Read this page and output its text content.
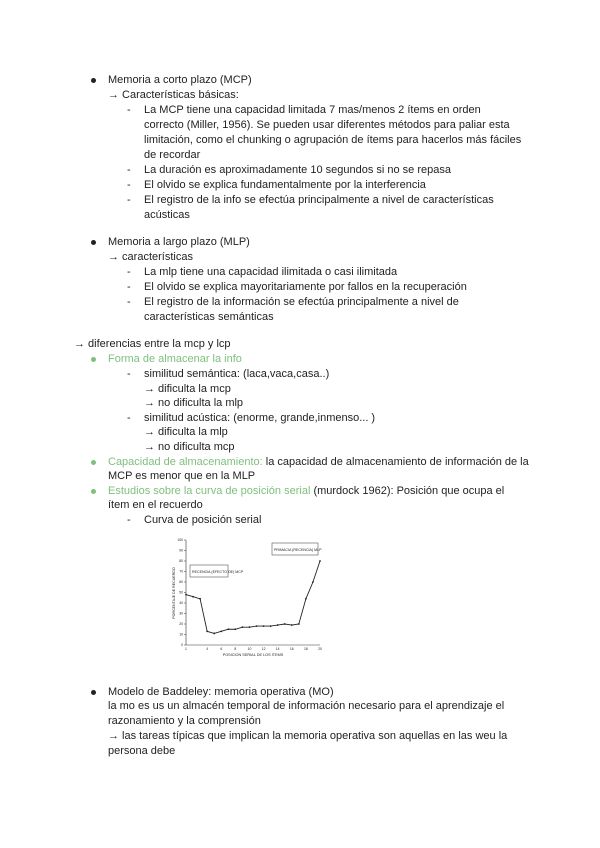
Memoria a corto plazo (MCP)
→ Características básicas:
- La MCP tiene una capacidad limitada 7 mas/menos 2 ítems en orden
correcto (Miller, 1956). Se pueden usar diferentes métodos para paliar esta
limitación, como el chunking o agrupación de ítems para hacerlos más fáciles
de recordar
- La duración es aproximadamente 10 segundos si no se repasa
- El olvido se explica fundamentalmente por la interferencia
- El registro de la info se efectúa principalmente a nivel de características
acústicas
Memoria a largo plazo (MLP)
→ características
- La mlp tiene una capacidad ilimitada o casi ilimitada
- El olvido se explica mayoritariamente por fallos en la recuperación
- El registro de la información se efectúa principalmente a nivel de
características semánticas
→ diferencias entre la mcp y lcp
Forma de almacenar la info
- similitud semántica: (laca,vaca,casa..)
→ dificulta la mcp
→ no dificulta la mlp
- similitud acústica: (enorme, grande,inmenso... )
→ dificulta la mlp
→ no dificulta mcp
Capacidad de almacenamiento: la capacidad de almacenamiento de información de la
MCP es menor que en la MLP
Estudios sobre la curva de posición serial (murdock 1962): Posición que ocupa el
ítem en el recuerdo
- Curva de posición serial
0
10
20
30
40
50
60
70
80
90
100
1	4	6	8	10	12	14	16	18	20
PRIMACIA (RECENCIA) MLP
RECENCIA (EFECTO DE) MCP
POSICION SERIAL DE LOS ITEMS
PORCENTAJE DE RECUERDO
Modelo de Baddeley: memoria operativa (MO)
la mo es us un almacén temporal de información necesario para el aprendizaje el
razonamiento y la comprensión
→ las tareas típicas que implican la memoria operativa son aquellas en las weu la
persona debe
